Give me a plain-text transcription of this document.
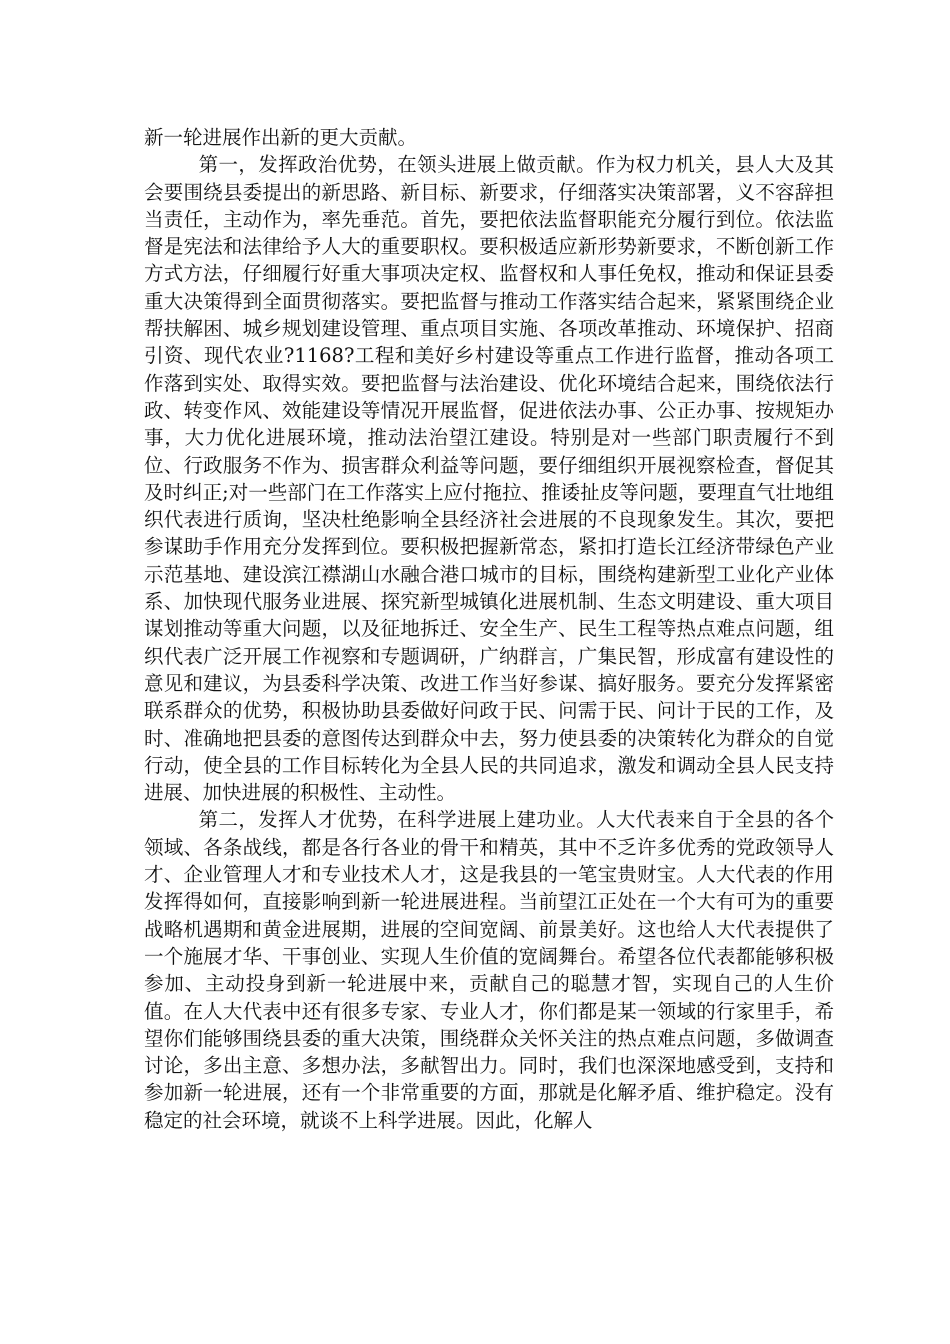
新一轮进展作出新的更大贡献。

第一，发挥政治优势，在领头进展上做贡献。作为权力机关，县人大及其会要围绕县委提出的新思路、新目标、新要求，仔细落实决策部署，义不容辞担当责任，主动作为，率先垂范。首先，要把依法监督职能充分履行到位。依法监督是宪法和法律给予人大的重要职权。要积极适应新形势新要求，不断创新工作方式方法，仔细履行好重大事项决定权、监督权和人事任免权，推动和保证县委重大决策得到全面贯彻落实。要把监督与推动工作落实结合起来，紧紧围绕企业帮扶解困、城乡规划建设管理、重点项目实施、各项改革推动、环境保护、招商引资、现代农业?1168?工程和美好乡村建设等重点工作进行监督，推动各项工作落到实处、取得实效。要把监督与法治建设、优化环境结合起来，围绕依法行政、转变作风、效能建设等情况开展监督，促进依法办事、公正办事、按规矩办事，大力优化进展环境，推动法治望江建设。特别是对一些部门职责履行不到位、行政服务不作为、损害群众利益等问题，要仔细组织开展视察检查，督促其及时纠正;对一些部门在工作落实上应付拖拉、推诿扯皮等问题，要理直气壮地组织代表进行质询，坚决杜绝影响全县经济社会进展的不良现象发生。其次，要把参谋助手作用充分发挥到位。要积极把握新常态，紧扣打造长江经济带绿色产业示范基地、建设滨江襟湖山水融合港口城市的目标，围绕构建新型工业化产业体系、加快现代服务业进展、探究新型城镇化进展机制、生态文明建设、重大项目谋划推动等重大问题，以及征地拆迁、安全生产、民生工程等热点难点问题，组织代表广泛开展工作视察和专题调研，广纳群言，广集民智，形成富有建设性的意见和建议，为县委科学决策、改进工作当好参谋、搞好服务。要充分发挥紧密联系群众的优势，积极协助县委做好问政于民、问需于民、问计于民的工作，及时、准确地把县委的意图传达到群众中去，努力使县委的决策转化为群众的自觉行动，使全县的工作目标转化为全县人民的共同追求，激发和调动全县人民支持进展、加快进展的积极性、主动性。

第二，发挥人才优势，在科学进展上建功业。人大代表来自于全县的各个领域、各条战线，都是各行各业的骨干和精英，其中不乏许多优秀的党政领导人才、企业管理人才和专业技术人才，这是我县的一笔宝贵财宝。人大代表的作用发挥得如何，直接影响到新一轮进展进程。当前望江正处在一个大有可为的重要战略机遇期和黄金进展期，进展的空间宽阔、前景美好。这也给人大代表提供了一个施展才华、干事创业、实现人生价值的宽阔舞台。希望各位代表都能够积极参加、主动投身到新一轮进展中来，贡献自己的聪慧才智，实现自己的人生价值。在人大代表中还有很多专家、专业人才，你们都是某一领域的行家里手，希望你们能够围绕县委的重大决策，围绕群众关怀关注的热点难点问题，多做调查讨论，多出主意、多想办法，多献智出力。同时，我们也深深地感受到，支持和参加新一轮进展，还有一个非常重要的方面，那就是化解矛盾、维护稳定。没有稳定的社会环境，就谈不上科学进展。因此，化解人
